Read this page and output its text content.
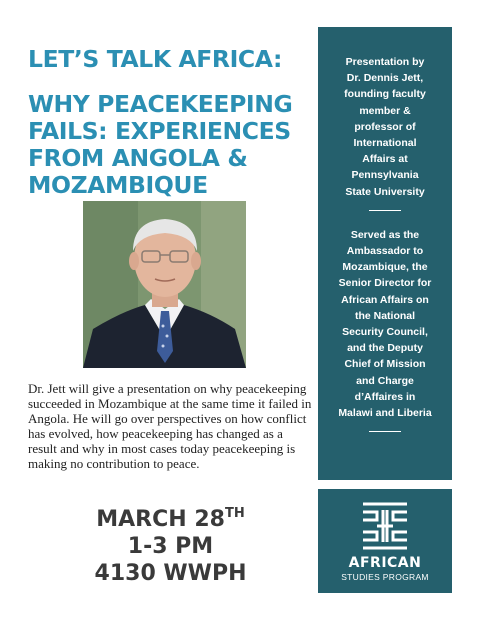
LET’S TALK AFRICA:
WHY PEACEKEEPING
FAILS: EXPERIENCES
FROM ANGOLA &
MOZAMBIQUE
Dr. Jett will give a presentation on why peacekeeping succeeded in Mozambique at the same time it failed in Angola. He will go over perspectives on how conflict has evolved, how peacekeeping has changed as a result and why in most cases today peacekeeping is making no contribution to peace.
MARCH 28TH
1-3 PM
4130 WWPH
Presentation by
Dr. Dennis Jett,
founding faculty
member &
professor of
International
Affairs at
Pennsylvania
State University
Served as the
Ambassador to
Mozambique, the
Senior Director for
African Affairs on
the National
Security Council,
and the Deputy
Chief of Mission
and Charge
d’Affaires in
Malawi and Liberia
AFRICAN
STUDIES PROGRAM
